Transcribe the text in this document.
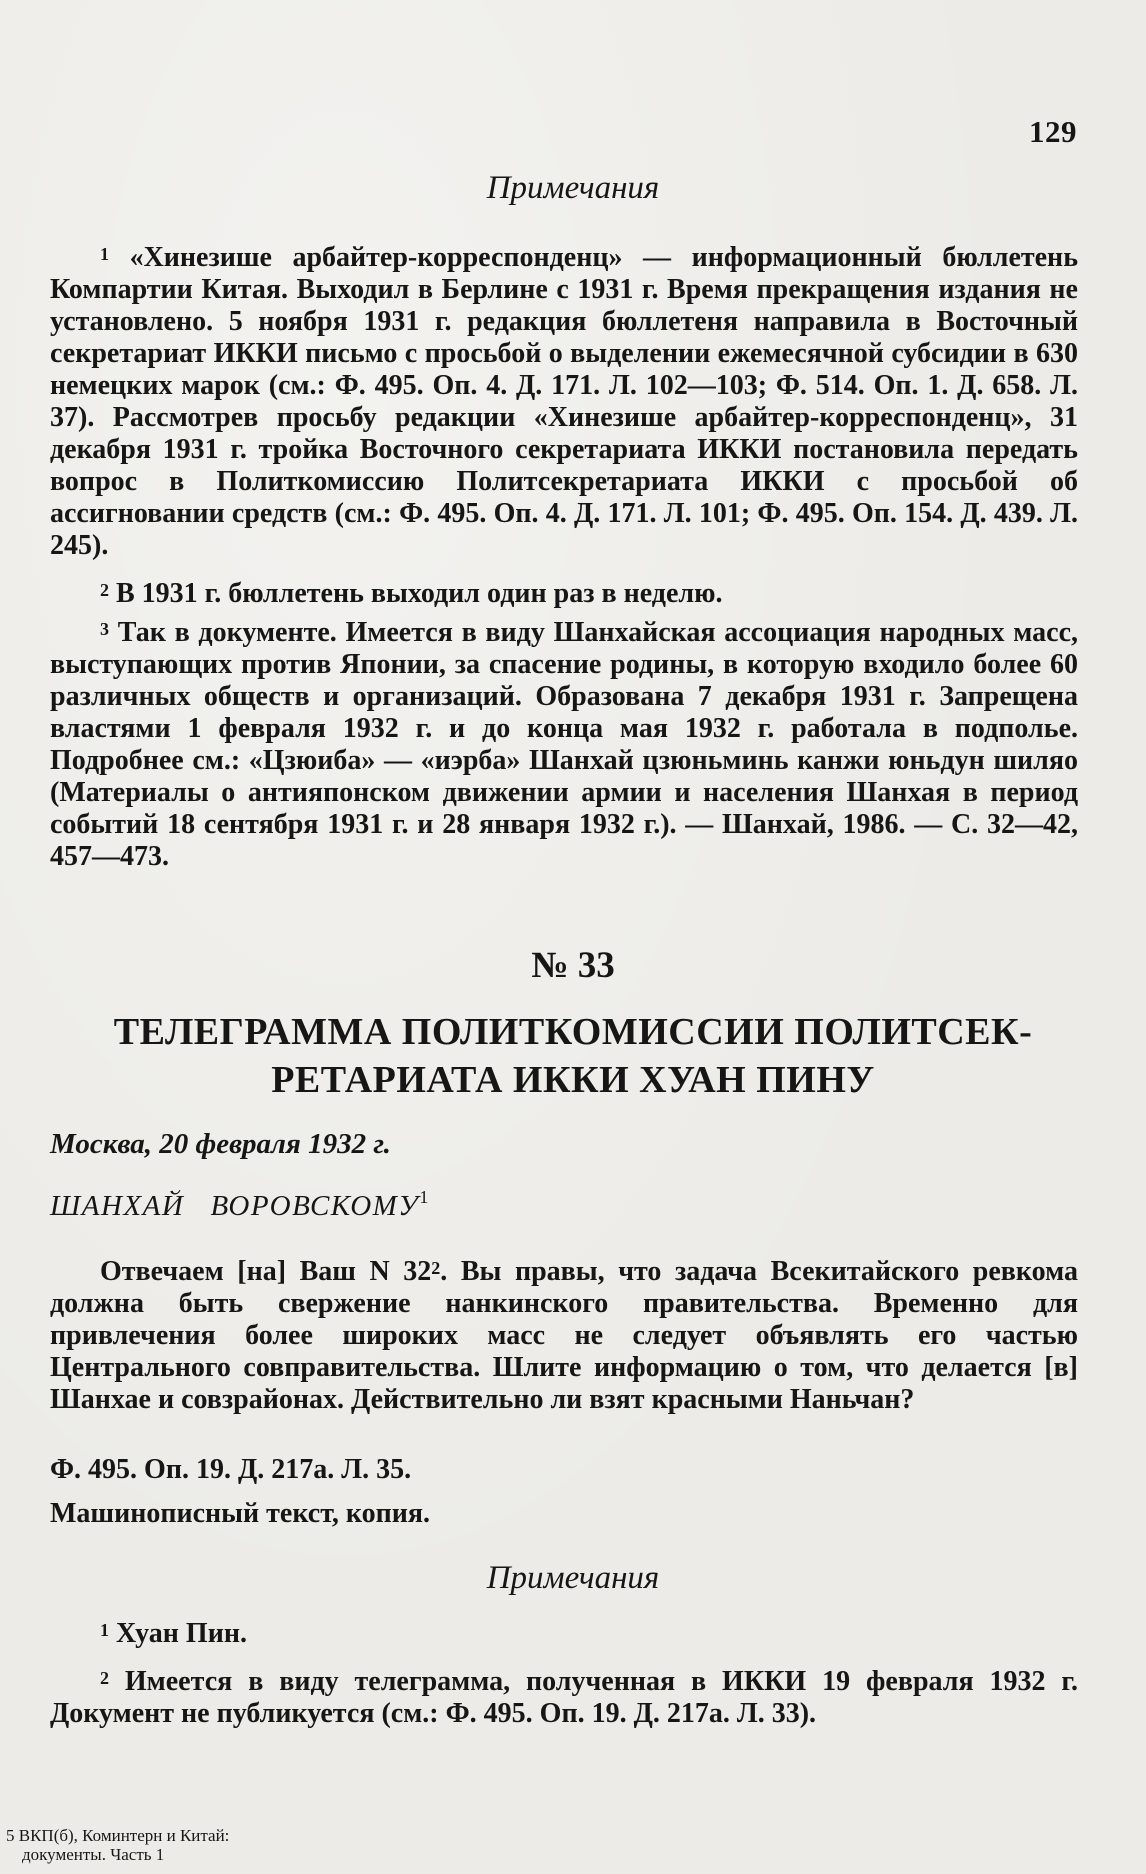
129
Примечания

$^1$ «Хинезише арбайтер-корреспонденц» — информационный бюллетень Компартии Китая. Выходил в Берлине с 1931 г. Время прекращения издания не установлено. 5 ноября 1931 г. редакция бюллетеня направила в Восточный секретариат ИККИ письмо с просьбой о выделении ежемесячной субсидии в 630 немецких марок (см.: Ф. 495. Оп. 4. Д. 171. Л. 102—103; Ф. 514. Оп. 1. Д. 658. Л. 37). Рассмотрев просьбу редакции «Хинезише арбайтер-корреспонденц», 31 декабря 1931 г. тройка Восточного секретариата ИККИ постановила передать вопрос в Политкомиссию Политсекретариата ИККИ с просьбой об ассигновании средств (см.: Ф. 495. Оп. 4. Д. 171. Л. 101; Ф. 495. Оп. 154. Д. 439. Л. 245).

$^2$ В 1931 г. бюллетень выходил один раз в неделю.

$^3$ Так в документе. Имеется в виду Шанхайская ассоциация народных масс, выступающих против Японии, за спасение родины, в которую входило более 60 различных обществ и организаций. Образована 7 декабря 1931 г. Запрещена властями 1 февраля 1932 г. и до конца мая 1932 г. работала в подполье. Подробнее см.: «Цзюиба» — «иэрба» Шанхай цзюньминь канжи юньдун шиляо (Материалы о антияпонском движении армии и населения Шанхая в период событий 18 сентября 1931 г. и 28 января 1932 г.). — Шанхай, 1986. — С. 32—42, 457—473.

№ 33

ТЕЛЕГРАММА ПОЛИТКОМИССИИ ПОЛИТСЕК-
РЕТАРИАТА ИККИ ХУАН ПИНУ

Москва, 20 февраля 1932 г.
ШАНХАЙ   ВОРОВСКОМУ$^1$

Отвечаем [на] Ваш N $32^2$. Вы правы, что задача Всекитайского ревкома должна быть свержение нанкинского правительства. Временно для привлечения более широких масс не следует объявлять его частью Центрального совправительства. Шлите информацию о том, что делается [в] Шанхае и совзрайонах. Действительно ли взят красными Наньчан?

Ф. 495. Оп. 19. Д. 217а. Л. 35.
Машинописный текст, копия.
Примечания

$^1$ Хуан Пин.

$^2$ Имеется в виду телеграмма, полученная в ИККИ 19 февраля 1932 г. Документ не публикуется (см.: Ф. 495. Оп. 19. Д. 217а. Л. 33).

5 ВКП(б), Коминтерн и Китай:
документы. Часть 1
